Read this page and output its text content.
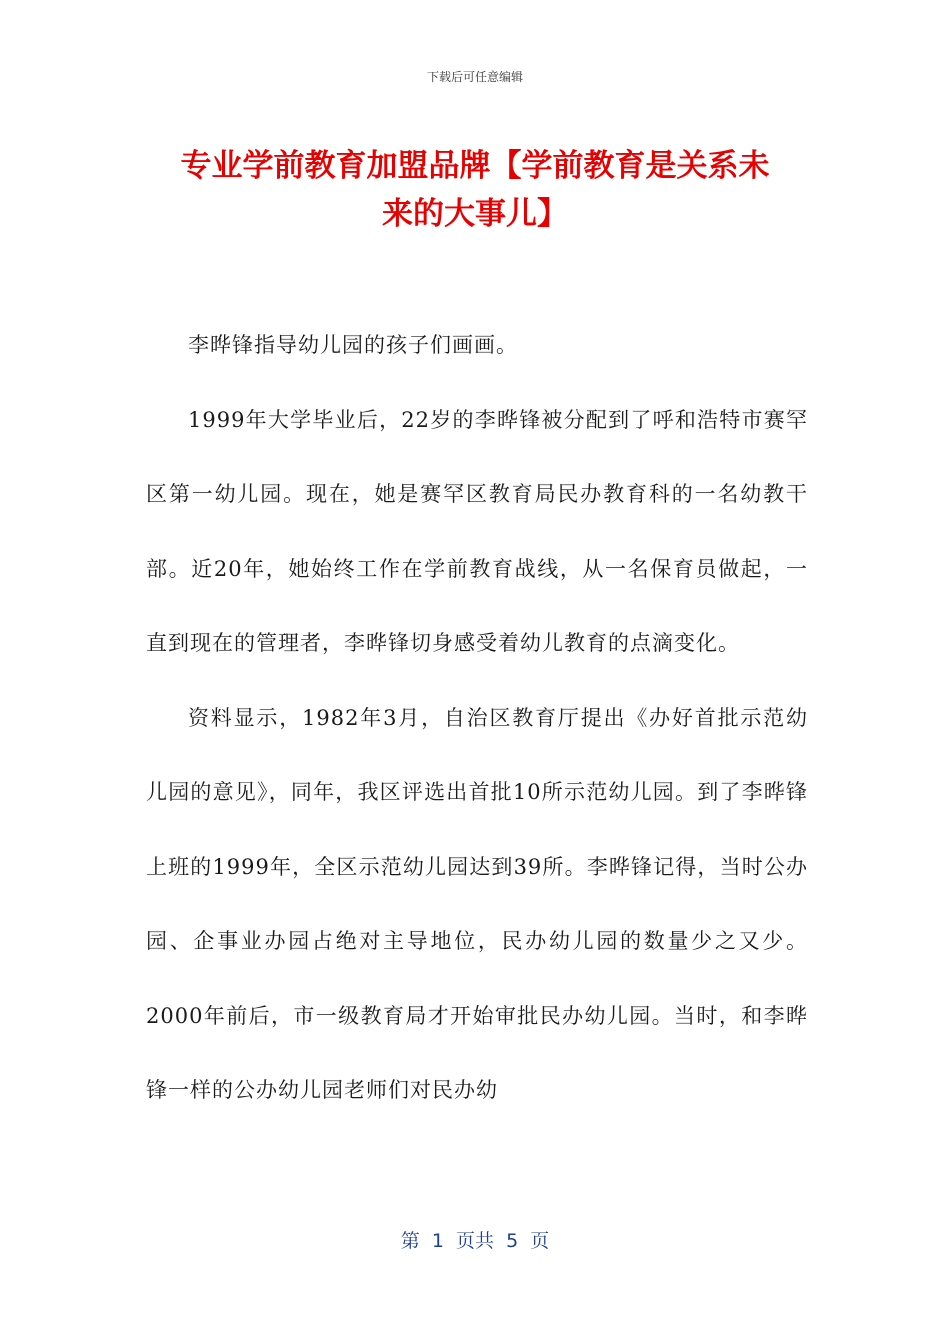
下载后可任意编辑
专业学前教育加盟品牌【学前教育是关系未
来的大事儿】

李晔锋指导幼儿园的孩子们画画。

1999年大学毕业后，22岁的李晔锋被分配到了呼和浩特市赛罕区第一幼儿园。现在，她是赛罕区教育局民办教育科的一名幼教干部。近20年，她始终工作在学前教育战线，从一名保育员做起，一直到现在的管理者，李晔锋切身感受着幼儿教育的点滴变化。

资料显示，1982年3月，自治区教育厅提出《办好首批示范幼儿园的意见》，同年，我区评选出首批10所示范幼儿园。到了李晔锋上班的1999年，全区示范幼儿园达到39所。李晔锋记得，当时公办园、企事业办园占绝对主导地位，民办幼儿园的数量少之又少。2000年前后，市一级教育局才开始审批民办幼儿园。当时，和李晔锋一样的公办幼儿园老师们对民办幼

第  1  页共  5  页
